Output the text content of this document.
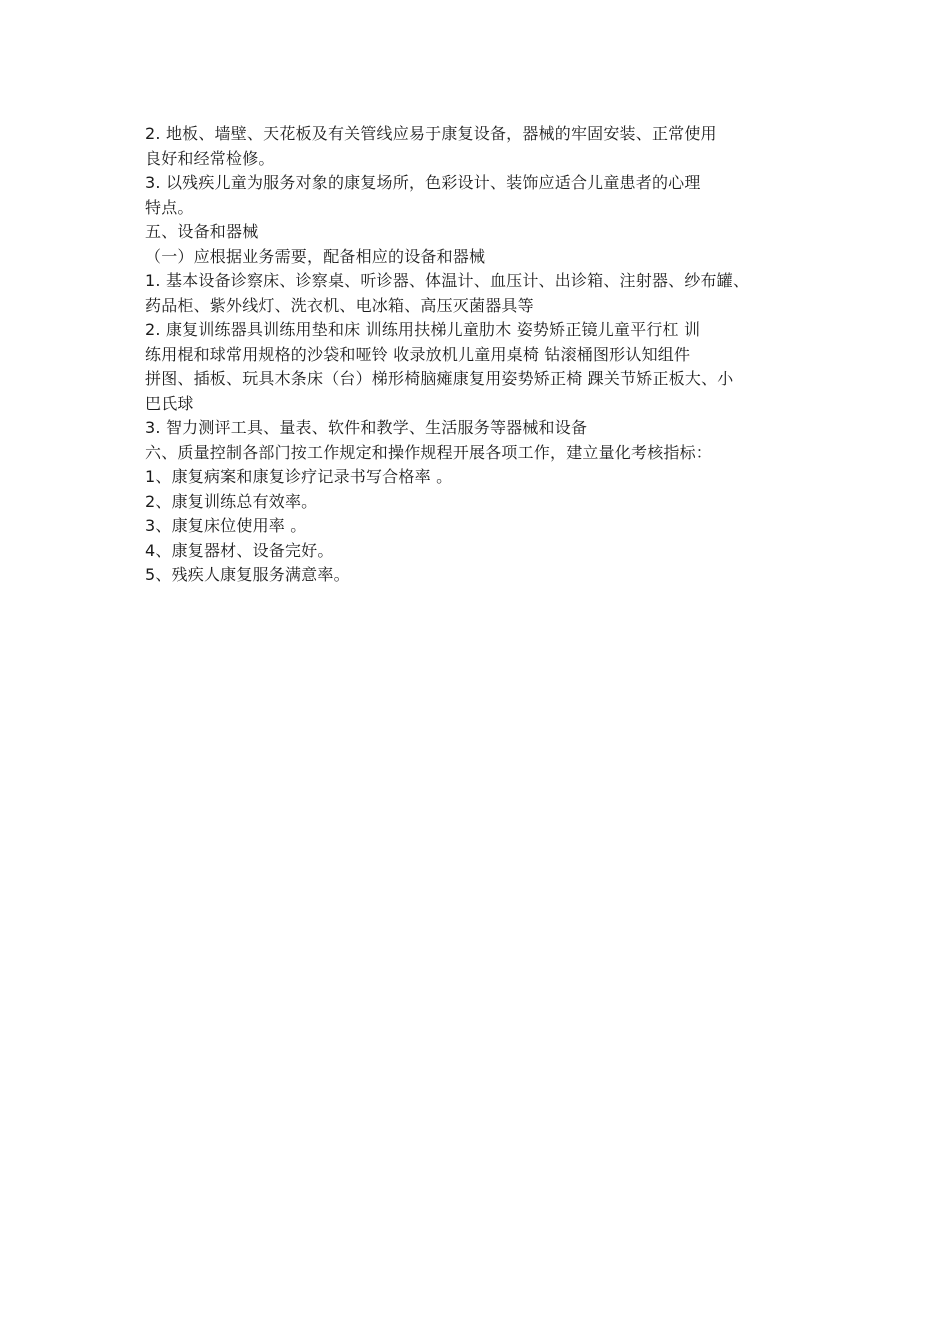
2. 地板、墙壁、天花板及有关管线应易于康复设备，器械的牢固安装、正常使用
良好和经常检修。
3. 以残疾儿童为服务对象的康复场所，色彩设计、装饰应适合儿童患者的心理
特点。
五、设备和器械
（一）应根据业务需要，配备相应的设备和器械
1. 基本设备诊察床、诊察桌、听诊器、体温计、血压计、出诊箱、注射器、纱布罐、
药品柜、紫外线灯、洗衣机、电冰箱、高压灭菌器具等
2. 康复训练器具训练用垫和床 训练用扶梯儿童肋木 姿势矫正镜儿童平行杠 训
练用棍和球常用规格的沙袋和哑铃 收录放机儿童用桌椅 钻滚桶图形认知组件
拼图、插板、玩具木条床（台）梯形椅脑瘫康复用姿势矫正椅 踝关节矫正板大、小
巴氏球
3. 智力测评工具、量表、软件和教学、生活服务等器械和设备
六、质量控制各部门按工作规定和操作规程开展各项工作，建立量化考核指标：
1、康复病案和康复诊疗记录书写合格率 。
2、康复训练总有效率。
3、康复床位使用率 。
4、康复器材、设备完好。
5、残疾人康复服务满意率。
